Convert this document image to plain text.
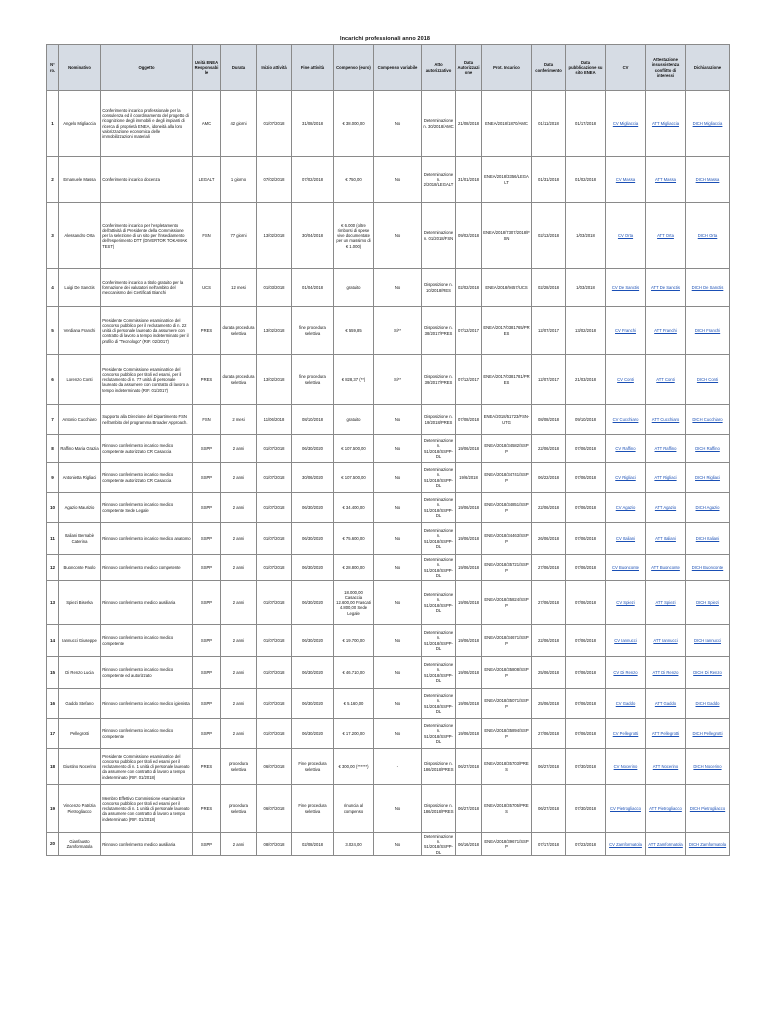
Incarichi professionali anno 2018
N° ro.	Nominativo	Oggetto	Unità ENEA Responsabile	Durata	Inizio attività	Fine attività	Compenso (euro)	Compenso variabile	Atto autorizzativo	Data Autorizzazione	Prot. Incarico	Data conferimento	Data pubblicazione su sito ENEA	CV	Attestazione insussistenza conflitto di interessi	Dichiarazione
1	Angelo Migliaccia	Conferimento incarico professionale per la consulenza ed il coordinamento del progetto di ricognizione degli immobili e degli impianti di ricerca di proprietà ENEA, idoneità alla loro valorizzazione economica delle immobilizzazioni materiali	AMC	42 giorni	01/07/2018	31/08/2018	€ 38.000,00	No	Determinazione n. 30/2018/AMC	21/08/2018	ENEA/2018/1870/AMC	01/11/2018	01/17/2018	CV Migliaccia	ATT Migliaccia	DICH Migliaccia
2	Emanuele Massa	Conferimento incarico docenza	LEGALT	1 giorno	07/02/2018	07/02/2018	€ 750,00	No	Determinazione n. 2/2018/LEGALT	31/01/2018	ENEA/2018/3356/LEGALT	01/31/2018	01/02/2018	CV Massa	ATT Massa	DICH Massa
3	Alessandro Orta	Conferimento incarico per l'espletamento dell'attività di Presidente della Commissione per la selezione di un sito per l'insediamento dell'esperimento DTT (DIVERTOR TOKAMAK TEST)	FSN	77 giorni	13/02/2018	30/04/2018	€ 6.000 (oltre rimborsi di spese vive documentate per un massimo di € 1.000)	No	Determinazione n. 01/2018/FSN	09/02/2018	ENEA/2018/7307/2018/FSN	02/13/2018	1/03/2018	CV Orta	ATT Orta	DICH Orta
4	Luigi De Sanctis	Conferimento incarico a titolo gratuito per la formazione dei valutatori nell'ambito del meccanismo dei Certificati Bianchi	UCS	12 mesi	01/03/2018	01/04/2018	gratuito	No	Disposizione n. 10/2018/RES	02/02/2018	ENEA/2018/9457/UCS	02/28/2018	1/03/2018	CV De Sanctis	ATT De Sanctis	DICH De Sanctis
5	Verdiana Franchi	Presidente Commissione esaminatrice del concorso pubblico per il reclutamento di n. 22 unità di personale laureato da assumere con contratto di lavoro a tempo indeterminato per il profilo di "Tecnologo" (RIF. 02/2017)	PRES	durata procedura selettiva	13/02/2018	fine procedura selettiva	€ 559,85	Si**	Disposizione n. 38/2017/PRES	07/12/2017	ENEA/2017/0381765/PRES	12/07/2017	13/02/2018	CV Franchi	ATT Franchi	DICH Franchi
6	Lorenzo Conti	Presidente Commissione esaminatrice del concorso pubblico per titoli ed esami, per il reclutamento di n. 77 unità di personale laureato da assumere con contratto di lavoro a tempo indeterminato (RIF. 01/2017)	PRES	durata procedura selettiva	13/02/2018	fine procedura selettiva	€ 828,37 (**)	Si**	Disposizione n. 39/2017/PRES	07/12/2017	ENEA/2017/0381781/PRES	12/07/2017	21/03/2018	CV Conti	ATT Conti	DICH Conti
7	Antonio Cucchiaro	Supporto alla Direzione del Dipartimento FSN nell'ambito del programma Broader Approach.	FSN	2 mesi	11/06/2018	08/10/2018	gratuito	No	Disposizione n. 19/2018/PRES	07/08/2018	ENEA/2018/51723/FSN-UTG	08/08/2018	09/10/2018	CV Cucchiaro	ATT Cucchiaro	DICH Cucchiaro
8	Raffino Maria Grazia	Rinnovo conferimento incarico medico competente autorizzato CR Casaccia	SSPP	2 anni	01/07/2018	06/30/2020	€ 107.500,00	No	Determinazione n. 51/2018/SSPP-DL	19/06/2018	ENEA/2018/34582/SSPP	22/06/2018	07/06/2018	CV Raffino	ATT Raffino	DICH Raffino
9	Antonietta Rigliaci	Rinnovo conferimento incarico medico competente autorizzato CR Casaccia	SSPP	2 anni	01/07/2018	30/06/2020	€ 107.500,00	No	Determinazione n. 51/2018/SSPP-DL	19/6/2018	ENEA/2018/34741/SSPP	06/22/2018	07/06/2018	CV Rigliaci	ATT Rigliaci	DICH Rigliaci
10	Agazio Maurizio	Rinnovo conferimento incarico medico competente Sede Legale	SSPP	2 anni	01/07/2018	06/30/2020	€ 34.400,00	No	Determinazione n. 51/2018/SSPP-DL	19/06/2018	ENEA/2018/34851/SSPP	22/06/2018	07/06/2018	CV Agazio	ATT Agazio	DICH Agazio
11	Italiani Bernabè Caterina	Rinnovo conferimento incarico medico anatomo	SSPP	2 anni	01/07/2018	06/30/2020	€ 75.600,00	No	Determinazione n. 51/2018/SSPP-DL	19/06/2018	ENEA/2018/34463/SSPP	26/06/2018	07/06/2018	CV Italiani	ATT Italiani	DICH Italiani
12	Buonconte Paolo	Rinnovo conferimento medico competente	SSPP	2 anni	01/07/2018	06/30/2020	€ 28.800,00	No	Determinazione n. 51/2018/SSPP-DL	19/06/2018	ENEA/2018/35721/SSPP	27/06/2018	07/06/2018	CV Buonconte	ATT Buonconte	DICH Buonconte
13	Spiezi Biserka	Rinnovo conferimento medico ausiliaria	SSPP	2 anni	01/07/2018	06/30/2020	18.000,00 Casaccia 12.600,00 Frascati 4.800,00 Sede Legale	No	Determinazione n. 51/2018/SSPP-DL	19/06/2018	ENEA/2018/35824/SSPP	27/06/2018	07/06/2018	CV Spiezi	ATT Spiezi	DICH Spiezi
14	Iannucci Giuseppe	Rinnovo conferimento incarico medico competente	SSPP	2 anni	01/07/2018	06/30/2020	€ 19.700,00	No	Determinazione n. 51/2018/SSPP-DL	19/06/2018	ENEA/2018/34671/SSPP	22/06/2018	07/06/2018	CV Iannucci	ATT Iannucci	DICH Iannucci
15	Di Renzo Lucia	Rinnovo conferimento incarico medico competente ed autorizzato	SSPP	2 anni	01/07/2018	06/30/2020	€ 46.710,00	No	Determinazione n. 51/2018/SSPP-DL	19/06/2018	ENEA/2018/35808/SSPP	25/06/2018	07/06/2018	CV Di Renzo	ATT Di Renzo	DICH Di Renzo
16	Gaddo Stefano	Rinnovo conferimento incarico medico igienista	SSPP	2 anni	01/07/2018	06/30/2020	€ 5.160,00	No	Determinazione n. 51/2018/SSPP-DL	19/06/2018	ENEA/2018/35071/SSPP	25/06/2018	07/06/2018	CV Gaddo	ATT Gaddo	DICH Gaddo
17	Pellegrotti	Rinnovo conferimento incarico medico competente	SSPP	2 anni	01/07/2018	06/30/2020	€ 17.200,00	No	Determinazione n. 51/2018/SSPP-DL	19/06/2018	ENEA/2018/35894/SSPP	27/06/2018	07/06/2018	CV Pellegrotti	ATT Pellegrotti	DICH Pellegrotti
18	Giustino Nocerino	Presidente Commissione esaminatrice del concorso pubblico per titoli ed esami per il reclutamento di n. 1 unità di personale laureato da assumere con contratto di lavoro a tempo indeterminato (RIF. 01/2018)	PRES	procedura selettiva	06/07/2018	Fine procedura selettiva	€ 300,00 (******)	-	Disposizione n. 186/2018/PRES	06/27/2018	ENEA/2018/35703/PRES	06/27/2018	07/30/2018	CV Nocerino	ATT Nocerino	DICH Nocerino
19	Vincenzo Patrizia Pietrogliacco	Membro Effettivo Commissione esaminatrice concorso pubblico per titoli ed esami per il reclutamento di n. 1 unità di personale laureato da assumere con contratto di lavoro a tempo indeterminato (RIF. 01/2018)	PRES	procedura selettiva	06/07/2018	Fine procedura selettiva	rinuncia al compenso	No	Disposizione n. 186/2018/PRES	06/27/2018	ENEA/2018/35705/PRES	06/27/2018	07/30/2018	CV Pietrogliacco	ATT Pietrogliacco	DICH Pietrogliacco
20	Gianfausto Zamformatola	Rinnovo conferimento medico ausiliaria	SSPP	2 anni	08/07/2018	02/08/2018	3.024,00	No	Determinazione n. 51/2018/SSPP-DL	06/16/2018	ENEA/2018/39671/SSPP	07/17/2018	07/23/2018	CV Zamformatola	ATT Zamformatola	DICH Zamformatola
